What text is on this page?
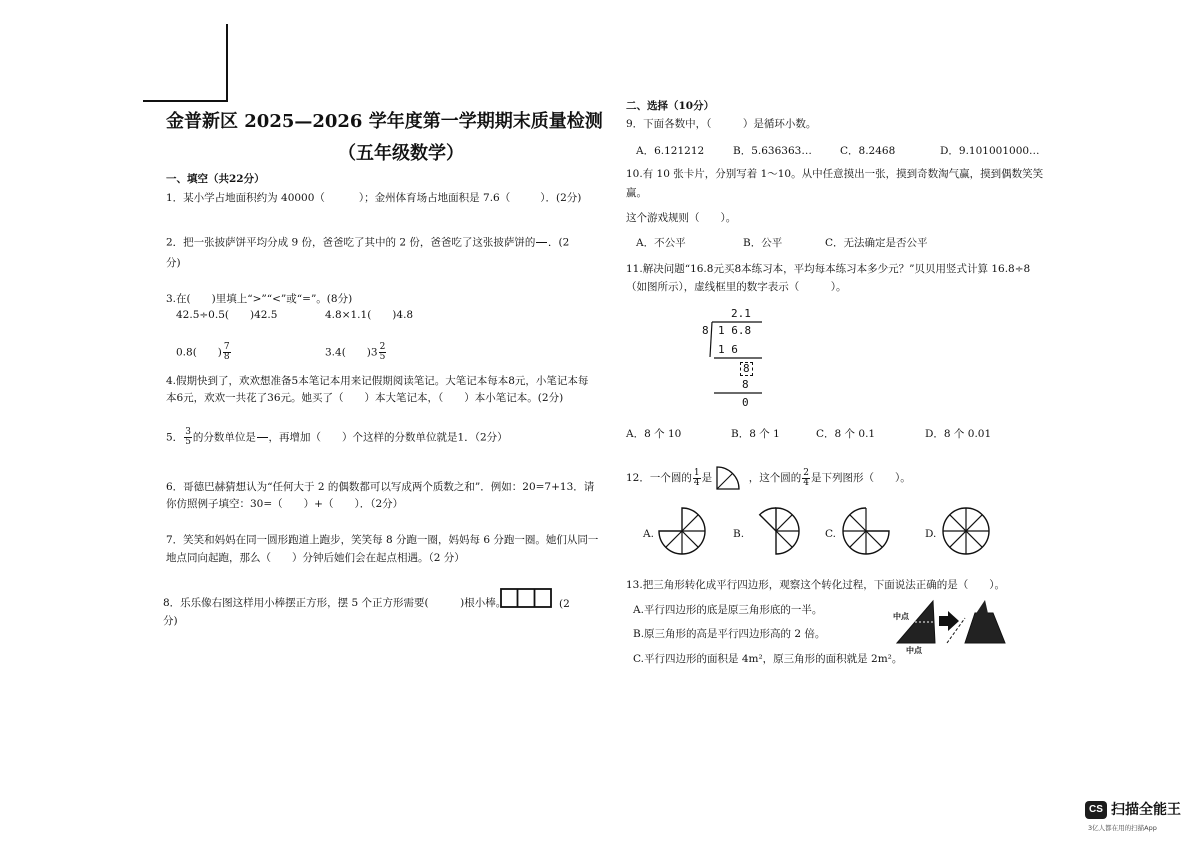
金普新区 2025—2026 学年度第一学期期末质量检测
（五年级数学）
一、填空（共22分）
1．某小学占地面积约为 40000（	）；金州体育场占地面积是 7.6（	）．(2分)
2．把一张披萨饼平均分成 9 份，爸爸吃了其中的 2 份，爸爸吃了这张披萨饼的

．(2
分)
3.在(　　)里填上“>”“<”或“=”。(8分)
42.5÷0.5(　　)42.5	4.8×1.1(　　)4.8
0.8(　　) $\frac{7}{8}$	3.4(　　)$3 \frac{2}{5}$
4.假期快到了，欢欢想准备5本笔记本用来记假期阅读笔记。大笔记本每本8元，小笔记本每
本6元，欢欢一共花了36元。她买了（　　）本大笔记本，（　　）本小笔记本。(2分)
5． $\frac{3}{5}$ 的分数单位是

，再增加（　　）个这样的分数单位就是1．（2分）
6．哥德巴赫猜想认为“任何大于 2 的偶数都可以写成两个质数之和”．例如：20=7+13．请
你仿照例子填空：30=（　　）+（　　）．（2分）
7．笑笑和妈妈在同一圆形跑道上跑步，笑笑每 8 分跑一圈，妈妈每 6 分跑一圈。她们从同一
地点同向起跑，那么（　　）分钟后她们会在起点相遇。（2 分）
8．乐乐像右图这样用小棒摆正方形，摆 5 个正方形需要(　　　)根小棒。	(2
分)
二、选择（10分）
9．下面各数中，（　　　）是循环小数。
A．6.121212	B．5.636363…	C．8.2468	D．9.101001000…
10.有 10 张卡片，分别写着 1～10。从中任意摸出一张，摸到奇数淘气赢，摸到偶数笑笑
赢。
这个游戏规则（　　）。
A．不公平	B．公平	C．无法确定是否公平
11.解决问题“16.8元买8本练习本，平均每本练习本多少元？”贝贝用竖式计算 16.8÷8
（如图所示），虚线框里的数字表示（　　　）。
2.1
8 1 6.8
1 6
8
8
0
A．8 个 10	B．8 个 1	C．8 个 0.1	D．8 个 0.01
12．一个圆的 $\frac{1}{4}$ 是	，这个圆的 $\frac{2}{4}$ 是下列图形（　　）。
A.	B.	C.	D.
13.把三角形转化成平行四边形，观察这个转化过程，下面说法正确的是（　　）。
A.平行四边形的底是原三角形底的一半。
B.原三角形的高是平行四边形高的 2 倍。
C.平行四边形的面积是 4m²，原三角形的面积就是 2m²。
中点
中点
CS 扫描全能王
3亿人都在用的扫描App
